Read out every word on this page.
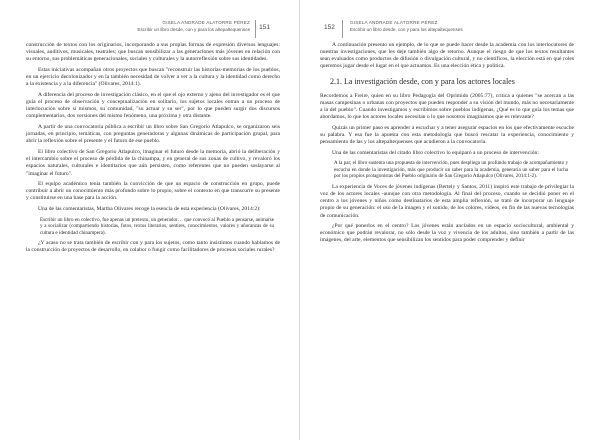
GISELA ANDRADE ALATORRE PÉREZ
Escribir un libro desde, con y para los altepaltequenses 151

construcción de textos con los originarios, incorporando a sus propias formas de expresión diversos lenguajes: visuales, auditivos, musicales, teatrales; que buscan sensibilizar a las generaciones más jóvenes en relación con su entorno, sus problemáticas generacionales, sociales y culturales y la autorreflexión sobre sus identidades.

Estas iniciativas acompañan otros proyectos que buscan "reconstruir las historias-memorias de los pueblos, en un ejercicio decolonizador y en la también necesidad de volver a ver a la cultura y la identidad como derecho a la existencia y a la diferencia" (Olivares, 2014:1).

A diferencia del proceso de investigación clásico, en el que el ojo externo y ajeno del investigador es el que guía el proceso de observación y conceptualización en solitario, los sujetos locales entran a un proceso de interlocución sobre sí mismos, su comunidad, "su actuar y su ser", por lo que pueden surgir dos discursos complementarios, dos versiones del mismo fenómeno, una próxima y otra distante.

A partir de una convocatoria pública a escribir un libro sobre San Gregorio Atlapulco, se organizaron seis jornadas, en principio, temáticas, con preguntas generadoras y algunas dinámicas de participación grupal, para abrir la reflexión sobre el presente y el futuro de ese pueblo.

El libro colectivo de San Gregorio Atlapulco, imaginar el futuro desde la memoria, abrió la deliberación y el intercambio sobre el proceso de pérdida de la chinampa, y en general de sus zonas de cultivo, y revaloró los espacios naturales, culturales e identitarios que aún persisten, como referentes que no pueden soslayarse al "imaginar el futuro".

El equipo académico tenía también la convicción de que un espacio de construcción en grupo, puede contribuir a abrir un conocimiento más profundo sobre lo propio, sobre el contexto en que transcurre su presente y constituirse en una base para la acción.

Una de las comentaristas, Martha Olivares recoge la esencia de esta experiencia (Olivares, 2014:2):

Escribir un libro en colectivo, fue apenas un pretexto, un generador… que convocó al Pueblo a pensarse, animarse y a socializar (compartiendo historias, fotos, textos literarios, sentires, conocimientos, valores y añoranzas de su cultura e identidad chinampera).

¿Y acaso no se trata también de escribir con y para los sujetos, como tanto insistimos cuando hablamos de la construcción de proyectos de desarrollo, en colabor o fungir como facilitadores de procesos sociales rurales?

GISELA ANDRADE ALATORRE PÉREZ
Escribir un libro desde, con y para los altepaltequenses
152

A continuación presento un ejemplo, de lo que se puede hacer desde la academia con los interlocutores de nuestras investigaciones, que les deje también algo de retorno. Aunque el riesgo de que los textos resultantes sean evaluados como productos de difusión o divulgación cultural, y no científicos, la elección está en qué roles queremos jugar desde el lugar en el que actuamos. Es una elección ética y política.

2.1. La investigación desde, con y para los actores locales

Recordemos a Freire, quien en su libro Pedagogía del Oprimido (2005:77), critica a quienes "se acercan a las masas campesinas o urbanas con proyectos que pueden responder a su visión del mundo, más no necesariamente a la del pueblo". Cuando investigamos y escribimos sobre pueblos indígenas, ¿Qué es lo que guía los temas que abordamos, lo que los actores locales necesitan o lo que nosotros imaginamos que es relevante?

Quizás un primer paso es aprender a escuchar y a tener asegurar espacios en los que efectivamente escuche su palabra. Y esa fue la apuesta con esta metodología que buscó rescatar la experiencia, conocimiento y pensamiento de las y los altepaltequenses que acudieron a la convocatoria.

Una de las comentaristas del citado libro colectivo lo equiparó a un proceso de intervención:

A la par, el libro sustenta una propuesta de intervención, pues despliega un profundo trabajo de acompañamiento y escucha en donde la investigación, más que producir un saber para la academia, generaría un saber para el lucha por los propios protagonistas del Pueblo originario de San Gregorio Atlapulco (Olivares, 2014:1-2).

La experiencia de Voces de jóvenes indígenas (Bertely y Santos, 2011) inspiró este trabajo de privilegiar la voz de los actores locales -aunque con otra metodología. Al final del proceso, cuando se decidió poner en el centro a los jóvenes y niños como destinatarios de esta amplia reflexión, se trató de incorporar un lenguaje propio de su generación: el uso de la imagen y el sonido, de los colores, videos, en fin de las nuevas tecnologías de comunicación.

¿Por qué ponerlos en el centro? Los jóvenes están anclados en un espacio sociocultural, ambiental y económico que podrán revalorar, no sólo desde la voz y vivencia de los adultos, sino también a partir de las imágenes, del arte, elementos que sensibilizan los sentidos para poder comprender y definir
